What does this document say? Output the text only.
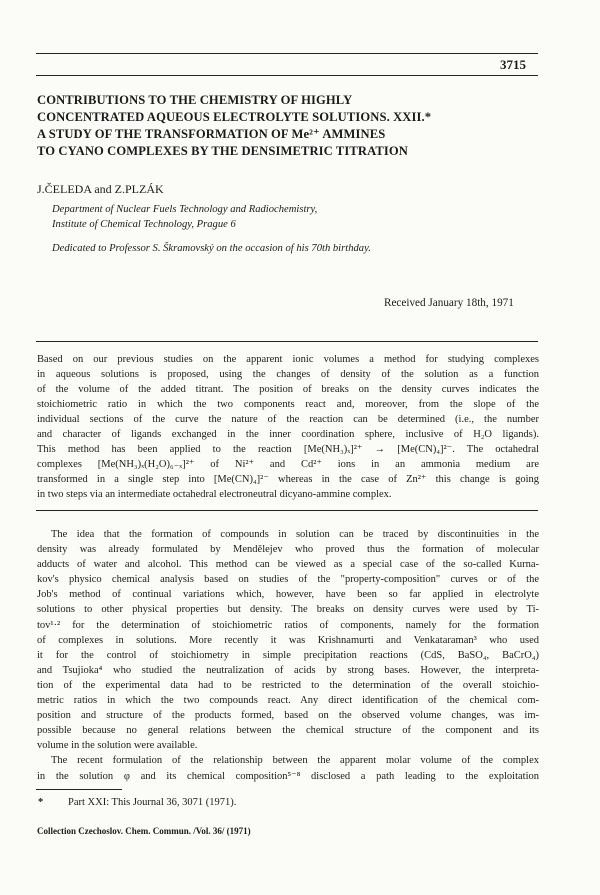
3715
CONTRIBUTIONS TO THE CHEMISTRY OF HIGHLY
CONCENTRATED AQUEOUS ELECTROLYTE SOLUTIONS. XXII.*
A STUDY OF THE TRANSFORMATION OF Me²⁺ AMMINES
TO CYANO COMPLEXES BY THE DENSIMETRIC TITRATION
J.ČELEDA and Z.PLZÁK
Department of Nuclear Fuels Technology and Radiochemistry,
Institute of Chemical Technology, Prague 6
Dedicated to Professor S. Škramovský on the occasion of his 70th birthday.
Received January 18th, 1971
Based on our previous studies on the apparent ionic volumes a method for studying complexes
in aqueous solutions is proposed, using the changes of density of the solution as a function
of the volume of the added titrant. The position of breaks on the density curves indicates the
stoichiometric ratio in which the two components react and, moreover, from the slope of the
individual sections of the curve the nature of the reaction can be determined (i.e., the number
and character of ligands exchanged in the inner coordination sphere, inclusive of H₂O ligands).
This method has been applied to the reaction [Me(NH₃)ₓ]²⁺ → [Me(CN)₄]²⁻. The octahedral
complexes [Me(NH₃)ₓ(H₂O)₆₋ₓ]²⁺ of Ni²⁺ and Cd²⁺ ions in an ammonia medium are
transformed in a single step into [Me(CN)₄]²⁻ whereas in the case of Zn²⁺ this change is going
in two steps via an intermediate octahedral electroneutral dicyano-ammine complex.
The idea that the formation of compounds in solution can be traced by discontinuities in the
density was already formulated by Mendělejev who proved thus the formation of molecular
adducts of water and alcohol. This method can be viewed as a special case of the so-called Kurna-
kov's physico chemical analysis based on studies of the "property-composition" curves or of the
Job's method of continual variations which, however, have been so far applied in electrolyte
solutions to other physical properties but density. The breaks on density curves were used by Ti-
tov¹·² for the determination of stoichiometric ratios of components, namely for the formation
of complexes in solutions. More recently it was Krishnamurti and Venkataraman³ who used
it for the control of stoichiometry in simple precipitation reactions (CdS, BaSO₄, BaCrO₄)
and Tsujioka⁴ who studied the neutralization of acids by strong bases. However, the interpreta-
tion of the experimental data had to be restricted to the determination of the overall stoichio-
metric ratios in which the two compounds react. Any direct identification of the chemical com-
position and structure of the products formed, based on the observed volume changes, was im-
possible because no general relations between the chemical structure of the component and its
volume in the solution were available.
The recent formulation of the relationship between the apparent molar volume of the complex
in the solution φ and its chemical composition⁵⁻⁸ disclosed a path leading to the exploitation
* Part XXI: This Journal 36, 3071 (1971).
Collection Czechoslov. Chem. Commun. /Vol. 36/ (1971)
